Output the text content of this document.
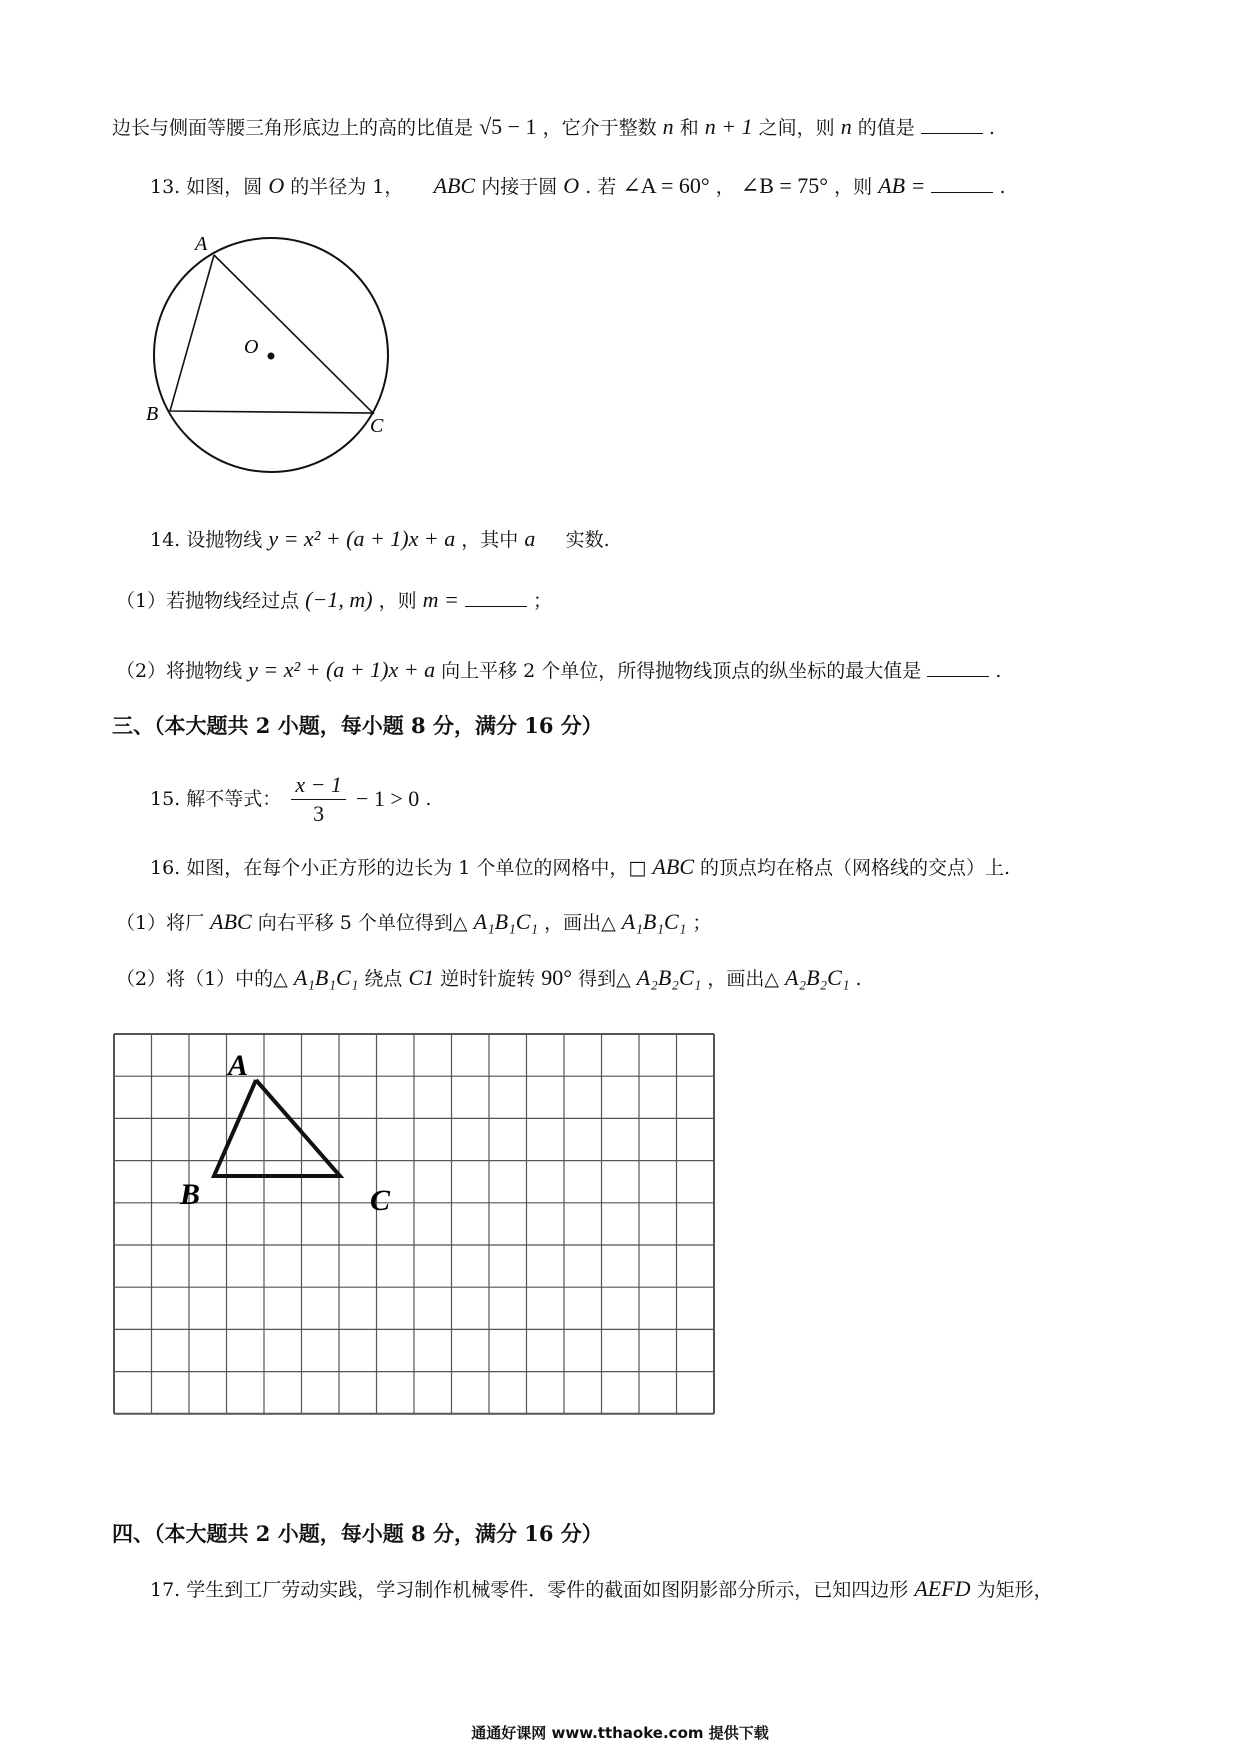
边长与侧面等腰三角形底边上的高的比值是 √5 − 1 ，它介于整数 n 和 n + 1 之间，则 n 的值是	.
13. 如图，圆 O 的半径为 1， ABC 内接于圆 O . 若 ∠A = 60° ， ∠B = 75° ，则 AB =	.
A
O
B
C
14. 设抛物线 y = x² + (a + 1)x + a ，其中 a 实数.
（1）若抛物线经过点 (−1, m) ，则 m =	；
（2）将抛物线 y = x² + (a + 1)x + a 向上平移 2 个单位，所得抛物线顶点的纵坐标的最大值是	.
三、（本大题共 2 小题，每小题 8 分，满分 16 分）
15. 解不等式： $\frac{x - 1}{3} - 1 > 0$ .
16. 如图，在每个小正方形的边长为 1 个单位的网格中，□ ABC 的顶点均在格点（网格线的交点）上.
（1）将厂 ABC 向右平移 5 个单位得到△ A₁B₁C₁ ，画出△ A₁B₁C₁ ；
（2）将（1）中的△ A₁B₁C₁ 绕点 C1 逆时针旋转 90° 得到△ A₂B₂C₁ ，画出△ A₂B₂C₁ .
A
B	C
四、（本大题共 2 小题，每小题 8 分，满分 16 分）
17. 学生到工厂劳动实践，学习制作机械零件．零件的截面如图阴影部分所示，已知四边形 AEFD 为矩形，
通通好课网 www.tthaoke.com 提供下载
